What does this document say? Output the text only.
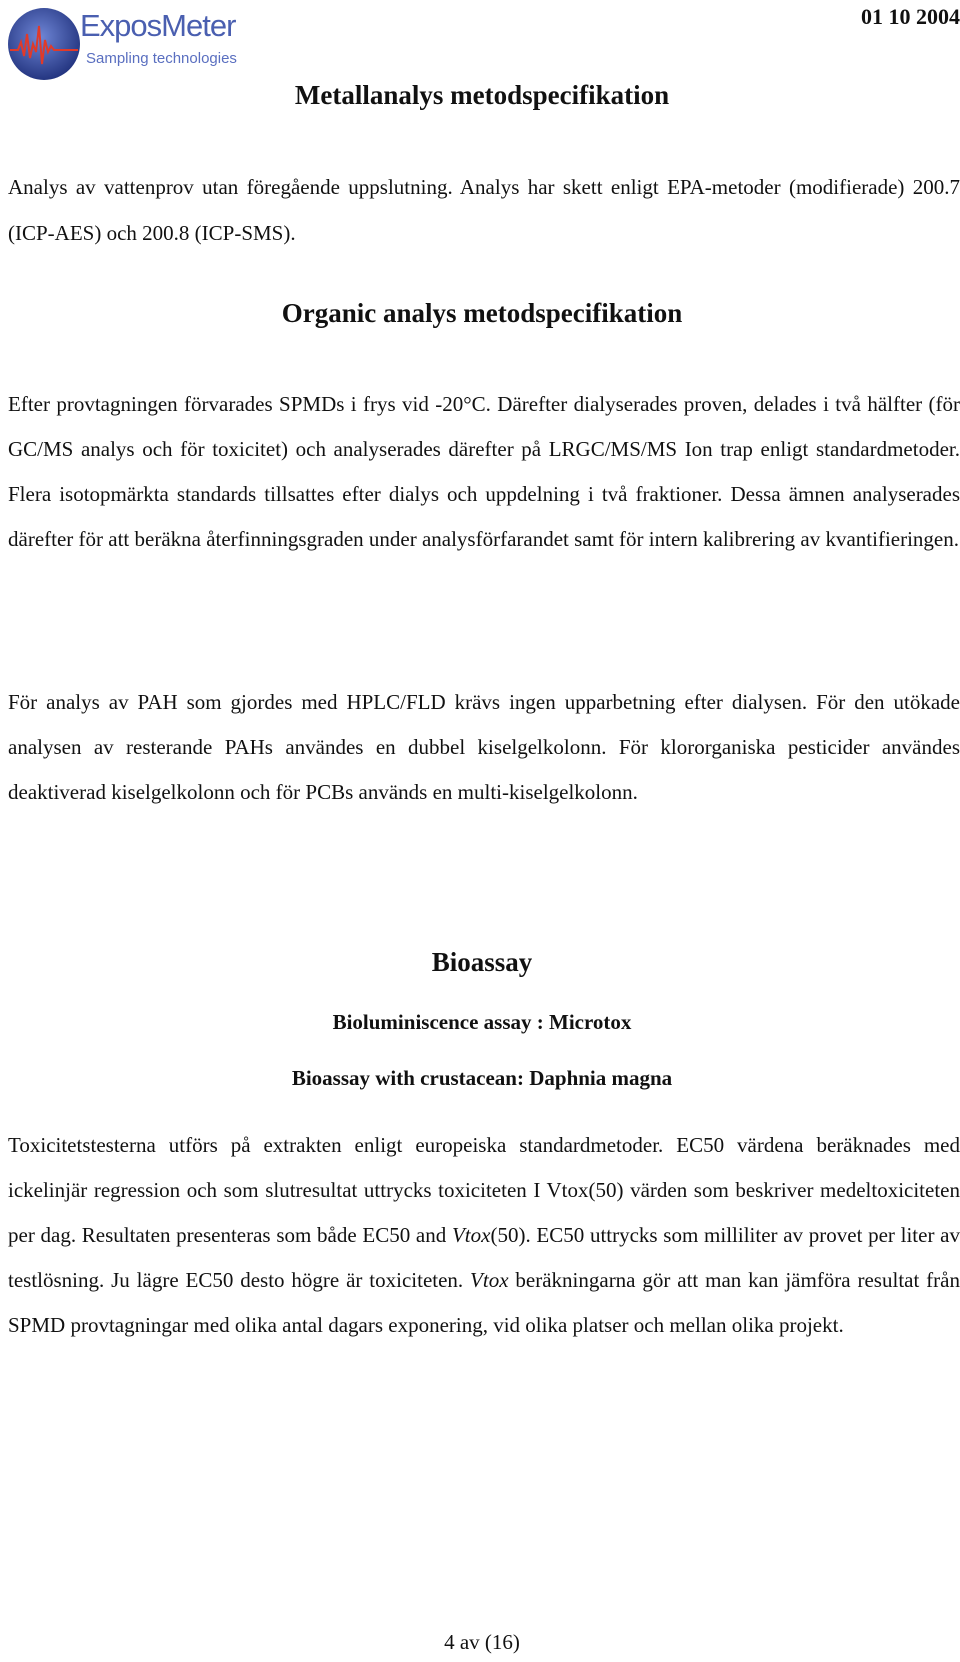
ExposMeter
Sampling technologies
01 10 2004
Metallanalys metodspecifikation

Analys av vattenprov utan föregående uppslutning. Analys har skett enligt EPA-metoder (modifierade) 200.7 (ICP-AES) och 200.8 (ICP-SMS).

Organic analys metodspecifikation

Efter provtagningen förvarades SPMDs i frys vid -20°C. Därefter dialyserades proven, delades i två hälfter (för GC/MS analys och för toxicitet) och analyserades därefter på LRGC/MS/MS Ion trap enligt standardmetoder. Flera isotopmärkta standards tillsattes efter dialys och uppdelning i två fraktioner. Dessa ämnen analyserades därefter för att beräkna återfinningsgraden under analysförfarandet samt för intern kalibrering av kvantifieringen.

För analys av PAH som gjordes med HPLC/FLD krävs ingen upparbetning efter dialysen. För den utökade analysen av resterande PAHs användes en dubbel kiselgelkolonn. För klororganiska pesticider användes deaktiverad kiselgelkolonn och för PCBs används en multi-kiselgelkolonn.

Bioassay
Bioluminiscence assay : Microtox
Bioassay with crustacean: Daphnia magna

Toxicitetstesterna utförs på extrakten enligt europeiska standardmetoder. EC50 värdena beräknades med ickelinjär regression och som slutresultat uttrycks toxiciteten I Vtox(50) värden som beskriver medeltoxiciteten per dag. Resultaten presenteras som både EC50 and Vtox(50). EC50 uttrycks som milliliter av provet per liter av testlösning. Ju lägre EC50 desto högre är toxiciteten. Vtox beräkningarna gör att man kan jämföra resultat från SPMD provtagningar med olika antal dagars exponering, vid olika platser och mellan olika projekt.

4 av (16)
